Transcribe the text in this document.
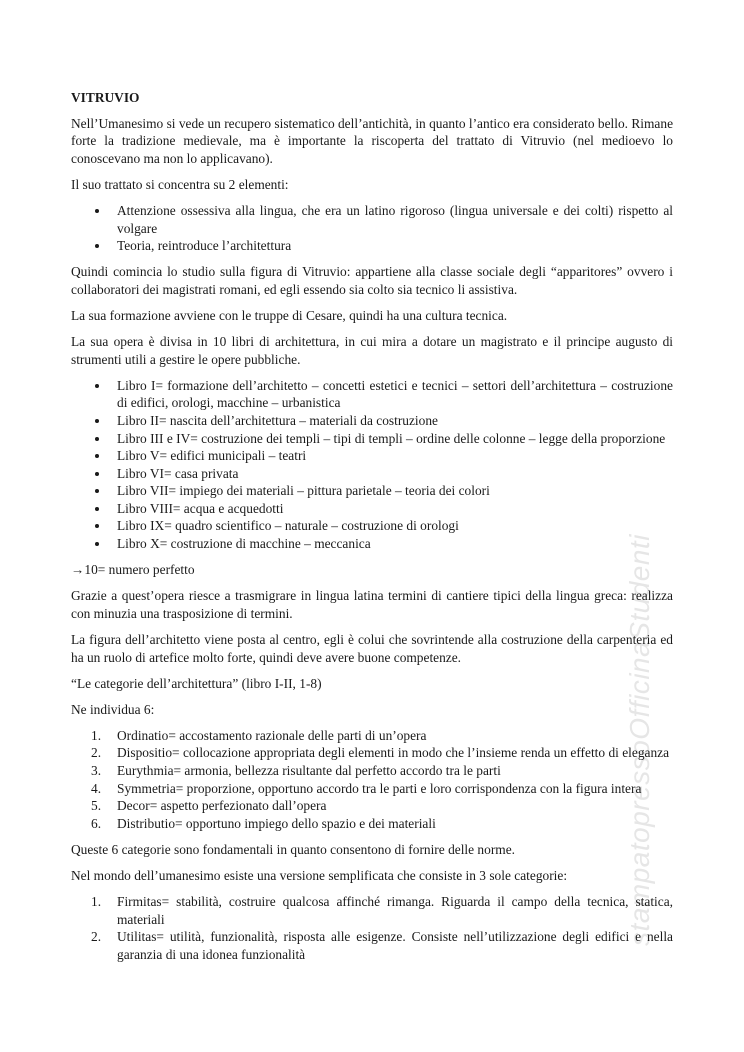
stampatopressoOfficinaStudenti
VITRUVIO

Nell’Umanesimo si vede un recupero sistematico dell’antichità, in quanto l’antico era considerato bello. Rimane forte la tradizione medievale, ma è importante la riscoperta del trattato di Vitruvio (nel medioevo lo conoscevano ma non lo applicavano).

Il suo trattato si concentra su 2 elementi:

Attenzione ossessiva alla lingua, che era un latino rigoroso (lingua universale e dei colti) rispetto al volgare
Teoria, reintroduce l’architettura

Quindi comincia lo studio sulla figura di Vitruvio: appartiene alla classe sociale degli “apparitores” ovvero i collaboratori dei magistrati romani, ed egli essendo sia colto sia tecnico li assistiva.

La sua formazione avviene con le truppe di Cesare, quindi ha una cultura tecnica.

La sua opera è divisa in 10 libri di architettura, in cui mira a dotare un magistrato e il principe augusto di strumenti utili a gestire le opere pubbliche.

Libro I= formazione dell’architetto – concetti estetici e tecnici – settori dell’architettura – costruzione di edifici, orologi, macchine – urbanistica
Libro II= nascita dell’architettura – materiali da costruzione
Libro III e IV= costruzione dei templi – tipi di templi – ordine delle colonne – legge della proporzione
Libro V= edifici municipali – teatri
Libro VI= casa privata
Libro VII= impiego dei materiali – pittura parietale – teoria dei colori
Libro VIII= acqua e acquedotti
Libro IX= quadro scientifico – naturale – costruzione di orologi
Libro X= costruzione di macchine – meccanica

→10= numero perfetto

Grazie a quest’opera riesce a trasmigrare in lingua latina termini di cantiere tipici della lingua greca: realizza con minuzia una trasposizione di termini.

La figura dell’architetto viene posta al centro, egli è colui che sovrintende alla costruzione della carpenteria ed ha un ruolo di artefice molto forte, quindi deve avere buone competenze.

“Le categorie dell’architettura” (libro I-II, 1-8)

Ne individua 6:

1. Ordinatio= accostamento razionale delle parti di un’opera
2. Dispositio= collocazione appropriata degli elementi in modo che l’insieme renda un effetto di eleganza
3. Eurythmia= armonia, bellezza risultante dal perfetto accordo tra le parti
4. Symmetria= proporzione, opportuno accordo tra le parti e loro corrispondenza con la figura intera
5. Decor= aspetto perfezionato dall’opera
6. Distributio= opportuno impiego dello spazio e dei materiali

Queste 6 categorie sono fondamentali in quanto consentono di fornire delle norme.

Nel mondo dell’umanesimo esiste una versione semplificata che consiste in 3 sole categorie:

1. Firmitas= stabilità, costruire qualcosa affinché rimanga. Riguarda il campo della tecnica, statica, materiali
2. Utilitas= utilità, funzionalità, risposta alle esigenze. Consiste nell’utilizzazione degli edifici e nella garanzia di una idonea funzionalità
